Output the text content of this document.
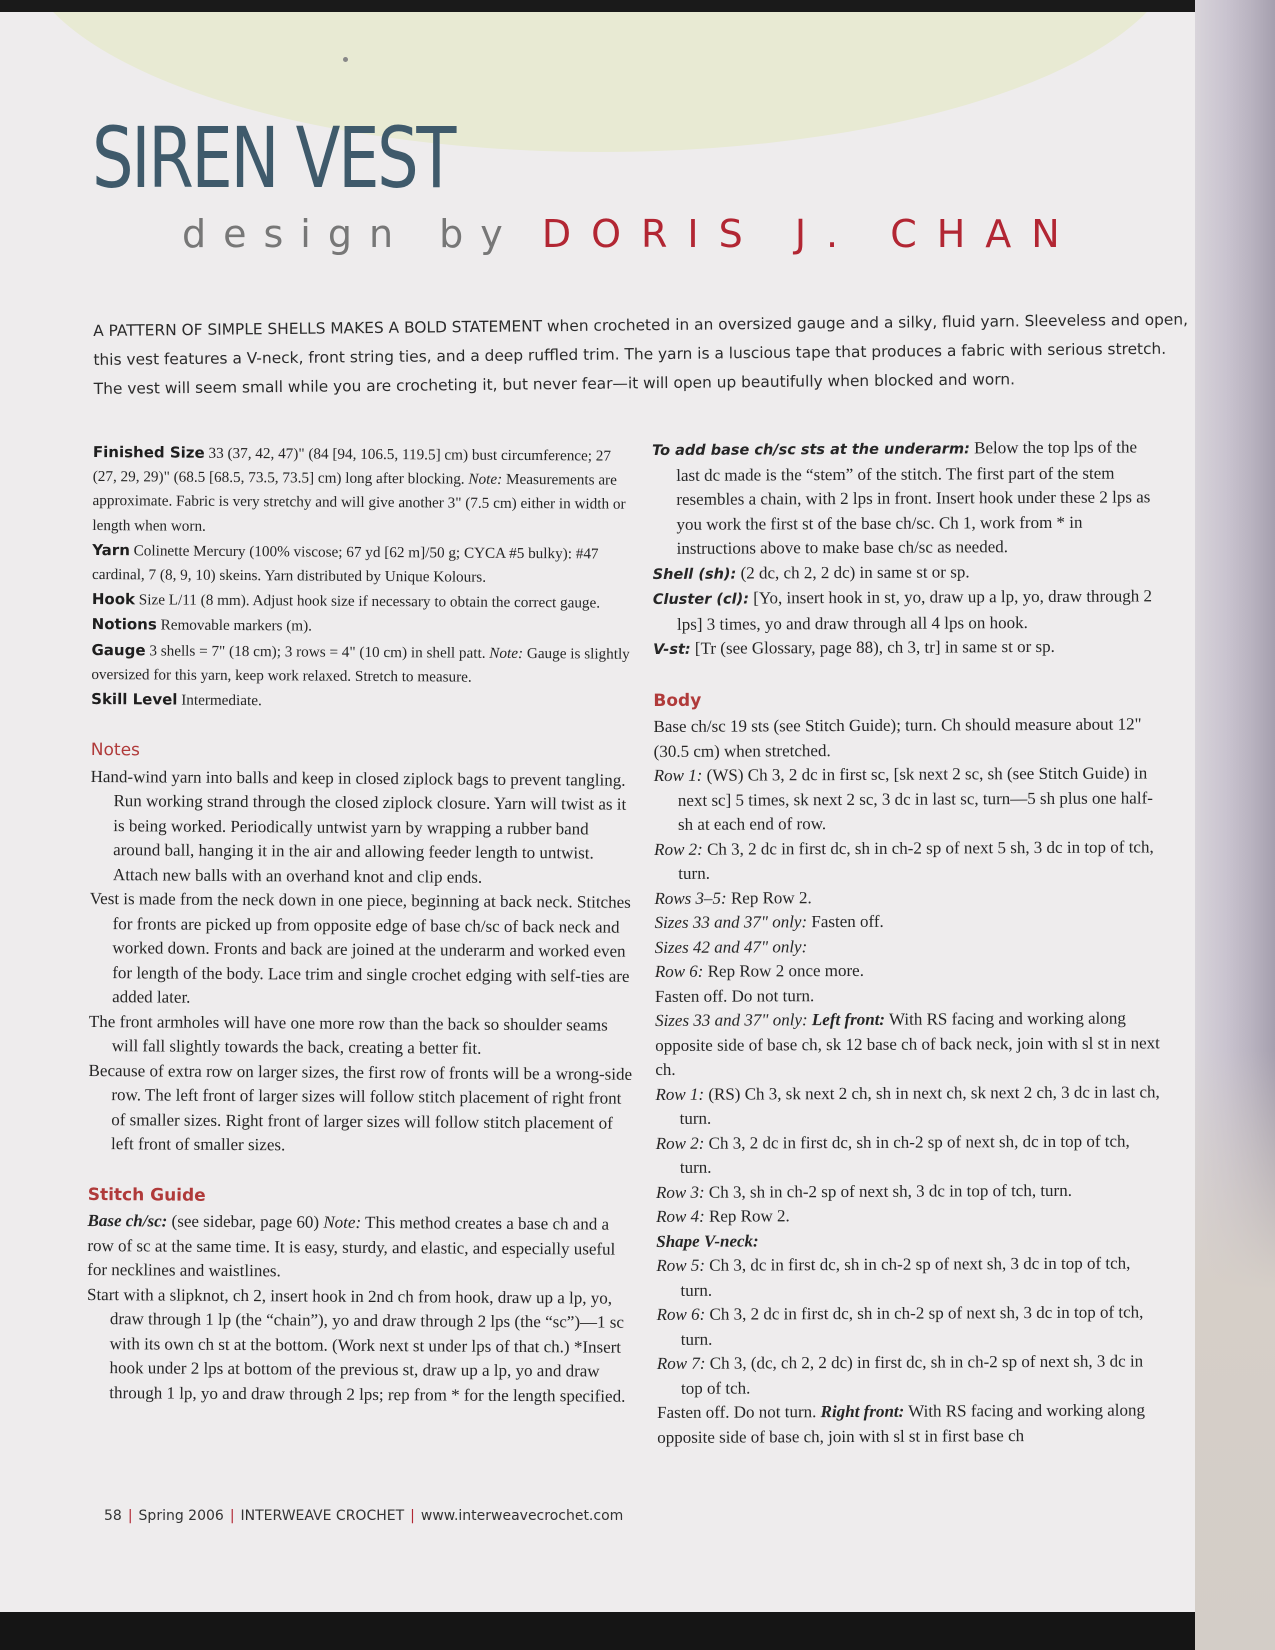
SIREN VEST
design by DORIS J. CHAN
A PATTERN OF SIMPLE SHELLS MAKES A BOLD STATEMENT when crocheted in an oversized gauge and a silky, fluid yarn. Sleeveless and open, this vest features a V-neck, front string ties, and a deep ruffled trim. The yarn is a luscious tape that produces a fabric with serious stretch. The vest will seem small while you are crocheting it, but never fear—it will open up beautifully when blocked and worn.

Finished Size 33 (37, 42, 47)" (84 [94, 106.5, 119.5] cm) bust circumference; 27 (27, 29, 29)" (68.5 [68.5, 73.5, 73.5] cm) long after blocking. Note: Measurements are approximate. Fabric is very stretchy and will give another 3" (7.5 cm) either in width or length when worn.

Yarn Colinette Mercury (100% viscose; 67 yd [62 m]/50 g; CYCA #5 bulky): #47 cardinal, 7 (8, 9, 10) skeins. Yarn distributed by Unique Kolours.

Hook Size L/11 (8 mm). Adjust hook size if necessary to obtain the correct gauge.

Notions Removable markers (m).

Gauge 3 shells = 7" (18 cm); 3 rows = 4" (10 cm) in shell patt. Note: Gauge is slightly oversized for this yarn, keep work relaxed. Stretch to measure.

Skill Level Intermediate.

Notes

Hand-wind yarn into balls and keep in closed ziplock bags to prevent tangling. Run working strand through the closed ziplock closure. Yarn will twist as it is being worked. Periodically untwist yarn by wrapping a rubber band around ball, hanging it in the air and allowing feeder length to untwist. Attach new balls with an overhand knot and clip ends.

Vest is made from the neck down in one piece, beginning at back neck. Stitches for fronts are picked up from opposite edge of base ch/sc of back neck and worked down. Fronts and back are joined at the underarm and worked even for length of the body. Lace trim and single crochet edging with self-ties are added later.

The front armholes will have one more row than the back so shoulder seams will fall slightly towards the back, creating a better fit.

Because of extra row on larger sizes, the first row of fronts will be a wrong-side row. The left front of larger sizes will follow stitch placement of right front of smaller sizes. Right front of larger sizes will follow stitch placement of left front of smaller sizes.

Stitch Guide

Base ch/sc: (see sidebar, page 60) Note: This method creates a base ch and a row of sc at the same time. It is easy, sturdy, and elastic, and especially useful for necklines and waistlines.

Start with a slipknot, ch 2, insert hook in 2nd ch from hook, draw up a lp, yo, draw through 1 lp (the “chain”), yo and draw through 2 lps (the “sc”)—1 sc with its own ch st at the bottom. (Work next st under lps of that ch.) *Insert hook under 2 lps at bottom of the previous st, draw up a lp, yo and draw through 1 lp, yo and draw through 2 lps; rep from * for the length specified.

To add base ch/sc sts at the underarm: Below the top lps of the last dc made is the “stem” of the stitch. The first part of the stem resembles a chain, with 2 lps in front. Insert hook under these 2 lps as you work the first st of the base ch/sc. Ch 1, work from * in instructions above to make base ch/sc as needed.

Shell (sh): (2 dc, ch 2, 2 dc) in same st or sp.

Cluster (cl): [Yo, insert hook in st, yo, draw up a lp, yo, draw through 2 lps] 3 times, yo and draw through all 4 lps on hook.

V-st: [Tr (see Glossary, page 88), ch 3, tr] in same st or sp.

Body

Base ch/sc 19 sts (see Stitch Guide); turn. Ch should measure about 12" (30.5 cm) when stretched.

Row 1: (WS) Ch 3, 2 dc in first sc, [sk next 2 sc, sh (see Stitch Guide) in next sc] 5 times, sk next 2 sc, 3 dc in last sc, turn—5 sh plus one half-sh at each end of row.

Row 2: Ch 3, 2 dc in first dc, sh in ch-2 sp of next 5 sh, 3 dc in top of tch, turn.

Rows 3–5: Rep Row 2.

Sizes 33 and 37" only: Fasten off.

Sizes 42 and 47" only:

Row 6: Rep Row 2 once more.

Fasten off. Do not turn.

Sizes 33 and 37" only: Left front: With RS facing and working along opposite side of base ch, sk 12 base ch of back neck, join with sl st in next ch.

Row 1: (RS) Ch 3, sk next 2 ch, sh in next ch, sk next 2 ch, 3 dc in last ch, turn.

Row 2: Ch 3, 2 dc in first dc, sh in ch-2 sp of next sh, dc in top of tch, turn.

Row 3: Ch 3, sh in ch-2 sp of next sh, 3 dc in top of tch, turn.

Row 4: Rep Row 2.

Shape V-neck:

Row 5: Ch 3, dc in first dc, sh in ch-2 sp of next sh, 3 dc in top of tch, turn.

Row 6: Ch 3, 2 dc in first dc, sh in ch-2 sp of next sh, 3 dc in top of tch, turn.

Row 7: Ch 3, (dc, ch 2, 2 dc) in first dc, sh in ch-2 sp of next sh, 3 dc in top of tch.

Fasten off. Do not turn. Right front: With RS facing and working along opposite side of base ch, join with sl st in first base ch

58 | Spring 2006 | INTERWEAVE CROCHET | www.interweavecrochet.com
